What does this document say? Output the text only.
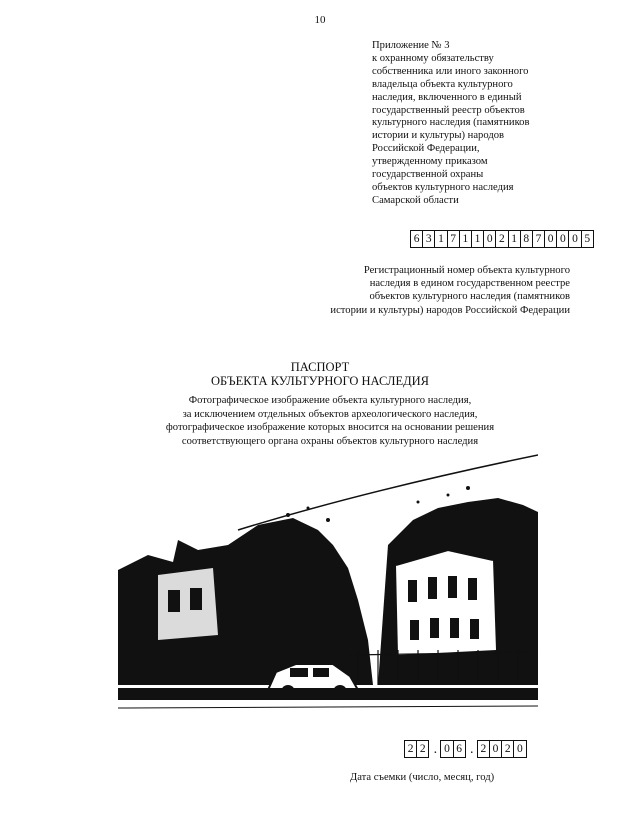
10
Приложение № 3
к охранному обязательству
собственника или иного законного
владельца объекта культурного
наследия, включенного в единый
государственный реестр объектов
культурного наследия (памятников
истории и культуры) народов
Российской Федерации,
утвержденному приказом
государственной охраны
объектов культурного наследия
Самарской области
6 3 1 7 1 1 0 2 1 8 7 0 0 0 5
Регистрационный номер объекта культурного
наследия в едином государственном реестре
объектов культурного наследия (памятников
истории и культуры) народов Российской Федерации
ПАСПОРТ
ОБЪЕКТА КУЛЬТУРНОГО НАСЛЕДИЯ
Фотографическое изображение объекта культурного наследия,
за исключением отдельных объектов археологического наследия,
фотографическое изображение которых вносится на основании решения
соответствующего органа охраны объектов культурного наследия
2 2 . 0 6 . 2 0 2 0
Дата съемки (число, месяц, год)
